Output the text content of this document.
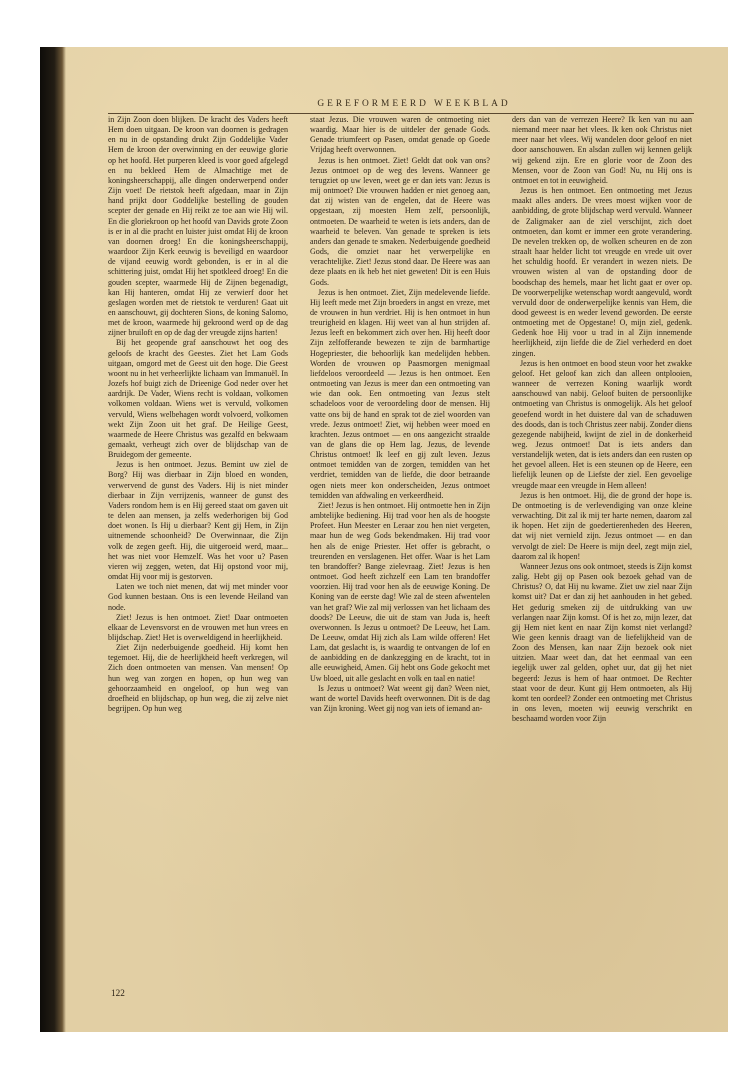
GEREFORMEERD WEEKBLAD

in Zijn Zoon doen blijken. De kracht des Vaders heeft Hem doen uitgaan. De kroon van doornen is gedragen en nu in de opstanding drukt Zijn Goddelijke Vader Hem de kroon der overwinning en der eeuwige glorie op het hoofd. Het purperen kleed is voor goed afgelegd en nu bekleed Hem de Almachtige met de koningsheerschappij, alle dingen onderwerpend onder Zijn voet! De rietstok heeft afgedaan, maar in Zijn hand prijkt door Goddelijke bestelling de gouden scepter der genade en Hij reikt ze toe aan wie Hij wil. En die gloriekroon op het hoofd van Davids grote Zoon is er in al die pracht en luister juist omdat Hij de kroon van doornen droeg! En die koningsheerschappij, waardoor Zijn Kerk eeuwig is beveiligd en waardoor de vijand eeuwig wordt gebonden, is er in al die schittering juist, omdat Hij het spotkleed droeg! En die gouden scepter, waarmede Hij de Zijnen begenadigt, kan Hij hanteren, omdat Hij ze verwierf door het geslagen worden met de rietstok te verduren! Gaat uit en aanschouwt, gij dochteren Sions, de koning Salomo, met de kroon, waarmede hij gekroond werd op de dag zijner bruiloft en op de dag der vreugde zijns harten!

Bij het geopende graf aanschouwt het oog des geloofs de kracht des Geestes. Ziet het Lam Gods uitgaan, omgord met de Geest uit den hoge. Die Geest woont nu in het verheerlijkte lichaam van Immanuël. In Jozefs hof buigt zich de Drieenige God neder over het aardrijk. De Vader, Wiens recht is voldaan, volkomen volkomen voldaan. Wiens wet is vervuld, volkomen vervuld, Wiens welbehagen wordt volvoerd, volkomen wekt Zijn Zoon uit het graf. De Heilige Geest, waarmede de Heere Christus was gezalfd en bekwaam gemaakt, verheugt zich over de blijdschap van de Bruidegom der gemeente.

Jezus is hen ontmoet. Jezus. Bemint uw ziel de Borg? Hij was dierbaar in Zijn bloed en wonden, verwervend de gunst des Vaders. Hij is niet minder dierbaar in Zijn verrijzenis, wanneer de gunst des Vaders rondom hem is en Hij gereed staat om gaven uit te delen aan mensen, ja zelfs wederhorigen bij God doet wonen. Is Hij u dierbaar? Kent gij Hem, in Zijn uitnemende schoonheid? De Overwinnaar, die Zijn volk de zegen geeft. Hij, die uitgeroeid werd, maar... het was niet voor Hemzelf. Was het voor u? Pasen vieren wij zeggen, weten, dat Hij opstond voor mij, omdat Hij voor mij is gestorven.

Laten we toch niet menen, dat wij met minder voor God kunnen bestaan. Ons is een levende Heiland van node.

Ziet! Jezus is hen ontmoet. Ziet! Daar ontmoeten elkaar de Levensvorst en de vrouwen met hun vrees en blijdschap. Ziet! Het is overweldigend in heerlijkheid.

Ziet Zijn nederbuigende goedheid. Hij komt hen tegemoet. Hij, die de heerlijkheid heeft verkregen, wil Zich doen ontmoeten van mensen. Van mensen! Op hun weg van zorgen en hopen, op hun weg van gehoorzaamheid en ongeloof, op hun weg van droefheid en blijdschap, op hun weg, die zij zelve niet begrijpen. Op hun weg

staat Jezus. Die vrouwen waren de ontmoeting niet waardig. Maar hier is de uitdeler der genade Gods. Genade triumfeert op Pasen, omdat genade op Goede Vrijdag heeft overwonnen.

Jezus is hen ontmoet. Ziet! Geldt dat ook van ons? Jezus ontmoet op de weg des levens. Wanneer ge terugziet op uw leven, weet ge er dan iets van: Jezus is mij ontmoet? Die vrouwen hadden er niet genoeg aan, dat zij wisten van de engelen, dat de Heere was opgestaan, zij moesten Hem zelf, persoonlijk, ontmoeten. De waarheid te weten is iets anders, dan de waarheid te beleven. Van genade te spreken is iets anders dan genade te smaken. Nederbuigende goedheid Gods, die omziet naar het verwerpelijke en verachtelijke. Ziet! Jezus stond daar. De Heere was aan deze plaats en ik heb het niet geweten! Dit is een Huis Gods.

Jezus is hen ontmoet. Ziet, Zijn medelevende liefde. Hij leeft mede met Zijn broeders in angst en vreze, met de vrouwen in hun verdriet. Hij is hen ontmoet in hun treurigheid en klagen. Hij weet van al hun strijden af. Jezus leeft en bekommert zich over hen. Hij heeft door Zijn zelfofferande bewezen te zijn de barmhartige Hogepriester, die behoorlijk kan medelijden hebben. Worden de vrouwen op Paasmorgen menigmaal liefdeloos veroordeeld — Jezus is hen ontmoet. Een ontmoeting van Jezus is meer dan een ontmoeting van wie dan ook. Een ontmoeting van Jezus stelt schadeloos voor de veroordeling door de mensen. Hij vatte ons bij de hand en sprak tot de ziel woorden van vrede. Jezus ontmoet! Ziet, wij hebben weer moed en krachten. Jezus ontmoet — en ons aangezicht straalde van de glans die op Hem lag. Jezus, de levende Christus ontmoet! Ik leef en gij zult leven. Jezus ontmoet temidden van de zorgen, temidden van het verdriet, temidden van de liefde, die door betraande ogen niets meer kon onderscheiden, Jezus ontmoet temidden van afdwaling en verkeerdheid.

Ziet! Jezus is hen ontmoet. Hij ontmoette hen in Zijn ambtelijke bediening. Hij trad voor hen als de hoogste Profeet. Hun Meester en Leraar zou hen niet vergeten, maar hun de weg Gods bekendmaken. Hij trad voor hen als de enige Priester. Het offer is gebracht, o treurenden en verslagenen. Het offer. Waar is het Lam ten brandoffer? Bange zielevraag. Ziet! Jezus is hen ontmoet. God heeft zichzelf een Lam ten brandoffer voorzien. Hij trad voor hen als de eeuwige Koning. De Koning van de eerste dag! Wie zal de steen afwentelen van het graf? Wie zal mij verlossen van het lichaam des doods? De Leeuw, die uit de stam van Juda is, heeft overwonnen. Is Jezus u ontmoet? De Leeuw, het Lam. De Leeuw, omdat Hij zich als Lam wilde offeren! Het Lam, dat geslacht is, is waardig te ontvangen de lof en de aanbidding en de dankzegging en de kracht, tot in alle eeuwigheid, Amen. Gij hebt ons Gode gekocht met Uw bloed, uit alle geslacht en volk en taal en natie!

Is Jezus u ontmoet? Wat weent gij dan? Ween niet, want de wortel Davids heeft overwonnen. Dit is de dag van Zijn kroning. Weet gij nog van iets of iemand an-

ders dan van de verrezen Heere? Ik ken van nu aan niemand meer naar het vlees. Ik ken ook Christus niet meer naar het vlees. Wij wandelen door geloof en niet door aanschouwen. En alsdan zullen wij kennen gelijk wij gekend zijn. Ere en glorie voor de Zoon des Mensen, voor de Zoon van God! Nu, nu Hij ons is ontmoet en tot in eeuwigheid.

Jezus is hen ontmoet. Een ontmoeting met Jezus maakt alles anders. De vrees moest wijken voor de aanbidding, de grote blijdschap werd vervuld. Wanneer de Zaligmaker aan de ziel verschijnt, zich doet ontmoeten, dan komt er immer een grote verandering. De nevelen trekken op, de wolken scheuren en de zon straalt haar helder licht tot vreugde en vrede uit over het schuldig hoofd. Er verandert in wezen niets. De vrouwen wisten al van de opstanding door de boodschap des hemels, maar het licht gaat er over op. De voorwerpelijke wetenschap wordt aangevuld, wordt vervuld door de onderwerpelijke kennis van Hem, die dood geweest is en weder levend geworden. De eerste ontmoeting met de Opgestane! O, mijn ziel, gedenk. Gedenk hoe Hij voor u trad in al Zijn innemende heerlijkheid, zijn liefde die de Ziel verhederd en doet zingen.

Jezus is hen ontmoet en bood steun voor het zwakke geloof. Het geloof kan zich dan alleen ontplooien, wanneer de verrezen Koning waarlijk wordt aanschouwd van nabij. Geloof buiten de persoonlijke ontmoeting van Christus is onmogelijk. Als het geloof geoefend wordt in het duistere dal van de schaduwen des doods, dan is toch Christus zeer nabij. Zonder diens gezegende nabijheid, kwijnt de ziel in de donkerheid weg. Jezus ontmoet! Dat is iets anders dan verstandelijk weten, dat is iets anders dan een rusten op het gevoel alleen. Het is een steunen op de Heere, een liefelijk leunen op de Liefste der ziel. Een gevoelige vreugde maar een vreugde in Hem alleen!

Jezus is hen ontmoet. Hij, die de grond der hope is. De ontmoeting is de verlevendiging van onze kleine verwachting. Dit zal ik mij ter harte nemen, daarom zal ik hopen. Het zijn de goedertierenheden des Heeren, dat wij niet vernield zijn. Jezus ontmoet — en dan vervolgt de ziel: De Heere is mijn deel, zegt mijn ziel, daarom zal ik hopen!

Wanneer Jezus ons ook ontmoet, steeds is Zijn komst zalig. Hebt gij op Pasen ook bezoek gehad van de Christus? O, dat Hij nu kwame. Ziet uw ziel naar Zijn komst uit? Dat er dan zij het aanhouden in het gebed. Het gedurig smeken zij de uitdrukking van uw verlangen naar Zijn komst. Of is het zo, mijn lezer, dat gij Hem niet kent en naar Zijn komst niet verlangd? Wie geen kennis draagt van de liefelijkheid van de Zoon des Mensen, kan naar Zijn bezoek ook niet uitzien. Maar weet dan, dat het eenmaal van een iegelijk uwer zal gelden, ophet uur, dat gij het niet begeerd: Jezus is hem of haar ontmoet. De Rechter staat voor de deur. Kunt gij Hem ontmoeten, als Hij komt ten oordeel? Zonder een ontmoeting met Christus in ons leven, moeten wij eeuwig verschrikt en beschaamd worden voor Zijn

122
